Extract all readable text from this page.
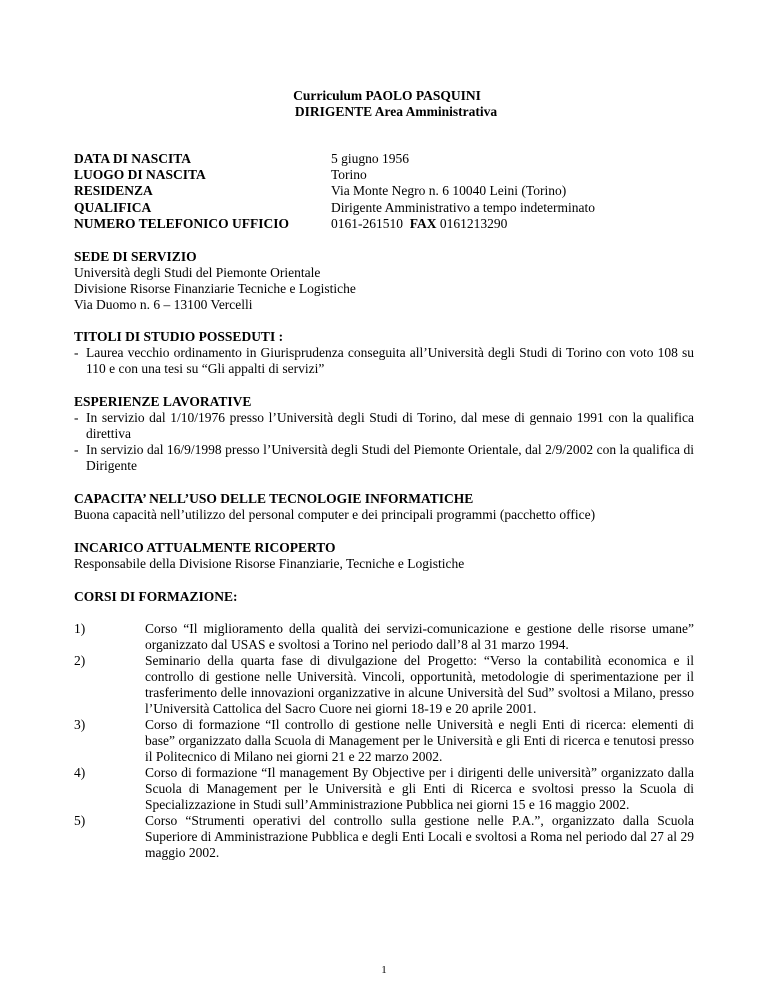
Curriculum PAOLO PASQUINI
DIRIGENTE Area Amministrativa
DATA DI NASCITA	5 giugno 1956
LUOGO DI NASCITA	Torino
RESIDENZA	Via Monte Negro n. 6 10040 Leini (Torino)
QUALIFICA	Dirigente Amministrativo a tempo indeterminato
NUMERO TELEFONICO UFFICIO	0161-261510 FAX 0161213290
SEDE DI SERVIZIO
Università degli Studi del Piemonte Orientale
Divisione Risorse Finanziarie Tecniche e Logistiche
Via Duomo n. 6 – 13100 Vercelli
TITOLI DI STUDIO POSSEDUTI :
- Laurea vecchio ordinamento in Giurisprudenza conseguita all’Università degli Studi di Torino con voto 108 su 110 e con una tesi su “Gli appalti di servizi”
ESPERIENZE LAVORATIVE
- In servizio dal 1/10/1976 presso l’Università degli Studi di Torino, dal mese di gennaio 1991 con la qualifica direttiva
- In servizio dal 16/9/1998 presso l’Università degli Studi del Piemonte Orientale, dal 2/9/2002 con la qualifica di Dirigente
CAPACITA’ NELL’USO DELLE TECNOLOGIE INFORMATICHE
Buona capacità nell’utilizzo del personal computer e dei principali programmi (pacchetto office)
INCARICO ATTUALMENTE RICOPERTO
Responsabile della Divisione Risorse Finanziarie, Tecniche e Logistiche
CORSI DI FORMAZIONE:
1)	Corso “Il miglioramento della qualità dei servizi-comunicazione e gestione delle risorse umane” organizzato dal USAS e svoltosi a Torino nel periodo dall’8 al 31 marzo 1994.
2)	Seminario della quarta fase di divulgazione del Progetto: “Verso la contabilità economica e il controllo di gestione nelle Università. Vincoli, opportunità, metodologie di sperimentazione per il trasferimento delle innovazioni organizzative in alcune Università del Sud” svoltosi a Milano, presso l’Università Cattolica del Sacro Cuore nei giorni 18-19 e 20 aprile 2001.
3)	Corso di formazione “Il controllo di gestione nelle Università e negli Enti di ricerca: elementi di base” organizzato dalla Scuola di Management per le Università e gli Enti di ricerca e tenutosi presso il Politecnico di Milano nei giorni 21 e 22 marzo 2002.
4)	Corso di formazione “Il management By Objective per i dirigenti delle università” organizzato dalla Scuola di Management per le Università e gli Enti di Ricerca e svoltosi presso la Scuola di Specializzazione in Studi sull’Amministrazione Pubblica nei giorni 15 e 16 maggio 2002.
5)	Corso “Strumenti operativi del controllo sulla gestione nelle P.A.”, organizzato dalla Scuola Superiore di Amministrazione Pubblica e degli Enti Locali e svoltosi a Roma nel periodo dal 27 al 29 maggio 2002.
1
